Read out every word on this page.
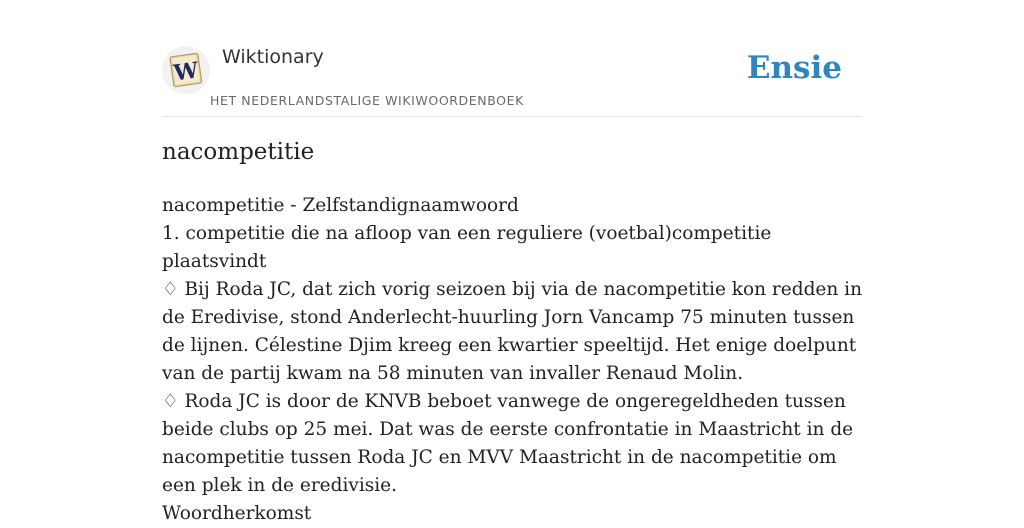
W
Wiktionary
HET NEDERLANDSTALIGE WIKIWOORDENBOEK
Ensie
nacompetitie

nacompetitie - Zelfstandignaamwoord

1. competitie die na afloop van een reguliere (voetbal)competitie plaatsvindt

♢ Bij Roda JC, dat zich vorig seizoen bij via de nacompetitie kon redden in de Eredivise, stond Anderlecht-huurling Jorn Vancamp 75 minuten tussen de lijnen. Célestine Djim kreeg een kwartier speeltijd. Het enige doelpunt van de partij kwam na 58 minuten van invaller Renaud Molin.

♢ Roda JC is door de KNVB beboet vanwege de ongeregeldheden tussen beide clubs op 25 mei. Dat was de eerste confrontatie in Maastricht in de nacompetitie tussen Roda JC en MVV Maastricht in de nacompetitie om een plek in de eredivisie.

Woordherkomst
